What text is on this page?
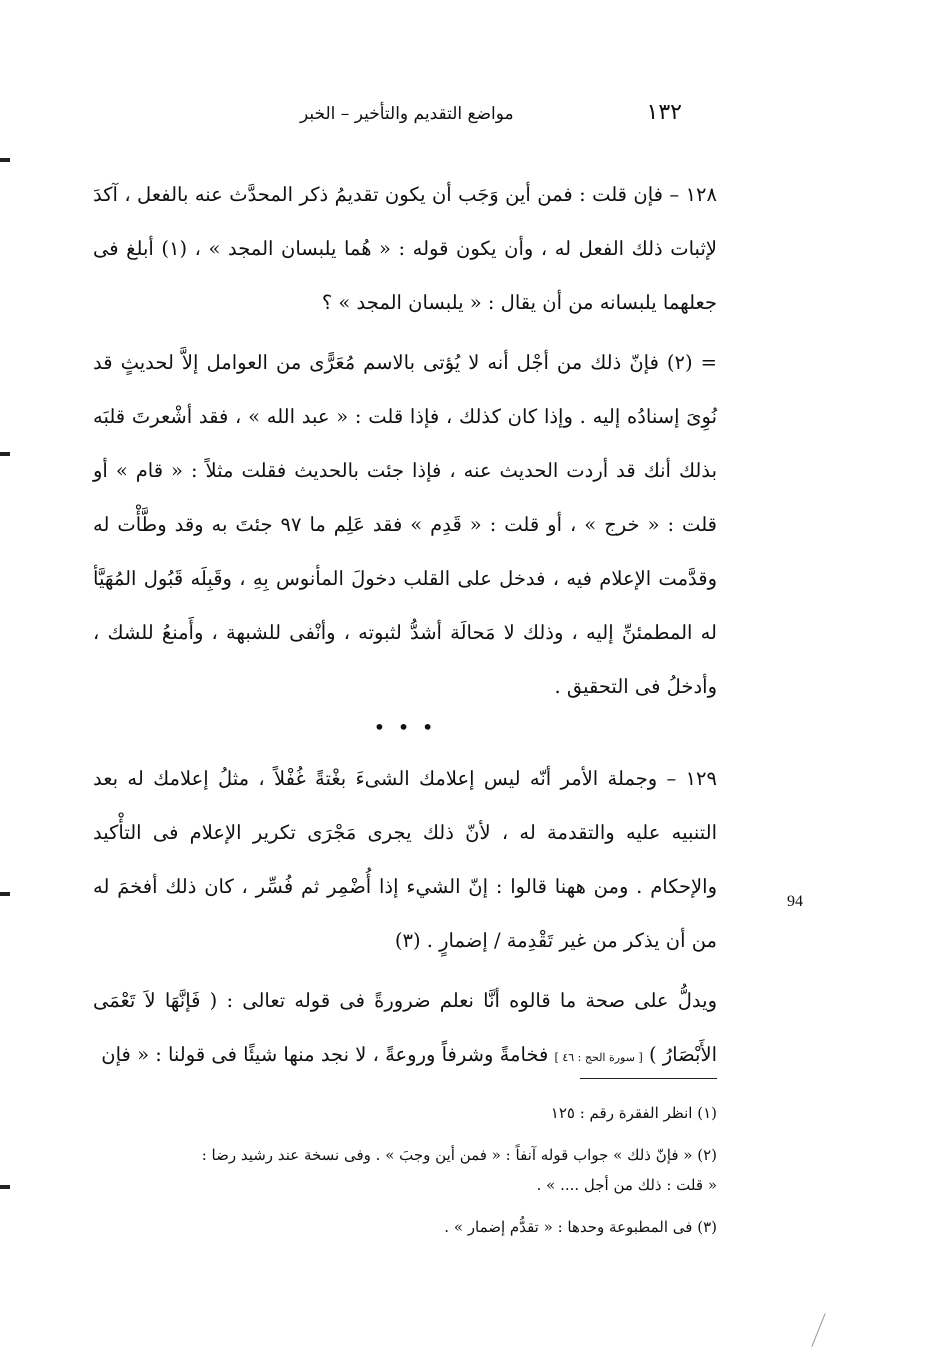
١٣٢
مواضع التقديم والتأخير – الخبر

١٢٨ – فإن قلت : فمن أين وَجَب أن يكون تقديمُ ذكر المحدَّث عنه بالفعل ، آكدَ لإثبات ذلك الفعل له ، وأن يكون قوله : « هُما يلبسان المجد » ، (١) أبلغ فى جعلهما يلبسانه من أن يقال : « يلبسان المجد » ؟

= (٢) فإنّ ذلك من أجْل أنه لا يُؤتى بالاسم مُعَرًّى من العوامل إلاَّ لحديثٍ قد نُوِىَ إسنادُه إليه . وإذا كان كذلك ، فإذا قلت : « عبد الله » ، فقد أشْعرتَ قلبَه بذلك أنك قد أردت الحديث عنه ، فإذا جئت بالحديث فقلت مثلاً : « قام » أو قلت : « خرج » ، أو قلت : « قَدِم » فقد عَلِم ما ٩٧ جئتَ به وقد وطَّأْت له وقدَّمت الإعلام فيه ، فدخل على القلب دخولَ المأنوس بِهِ ، وقَبِلَه قَبُول المُهَيَّأ له المطمئنِّ إليه ، وذلك لا مَحالَة أشدُّ لثبوته ، وأنْفى للشبهة ، وأَمنعُ للشك ، وأدخلُ فى التحقيق .

• • •

١٢٩ – وجملة الأمر أنّه ليس إعلامك الشىءَ بغْتةً غُفْلاً ، مثلُ إعلامك له بعد التنبيه عليه والتقدمة له ، لأنّ ذلك يجرى مَجْرَى تكرير الإعلام فى التأْكيد والإحكام . ومن ههنا قالوا : إنّ الشيء إذا أُضْمِر ثم فُسِّر ، كان ذلك أفخمَ له من أن يذكر من غير تَقْدِمة / إضمارٍ . (٣)

ويدلُّ على صحة ما قالوه أنَّا نعلم ضرورةً فى قوله تعالى : ( فَإنَّهَا لاَ تَعْمَى الأَبْصَارُ ) [ سورة الحج : ٤٦ ] فخامةً وشرفاً وروعةً ، لا نجد منها شيئًا فى قولنا : « فإن

94

(١) انظر الفقرة رقم : ١٢٥

(٢) « فإنّ ذلك » جواب قوله آنفاً : « فمن أين وجبَ » . وفى نسخة عند رشيد رضا :

« قلت : ذلك من أجل .... » .

(٣) فى المطبوعة وحدها : « تقدُّم إضمار » .
